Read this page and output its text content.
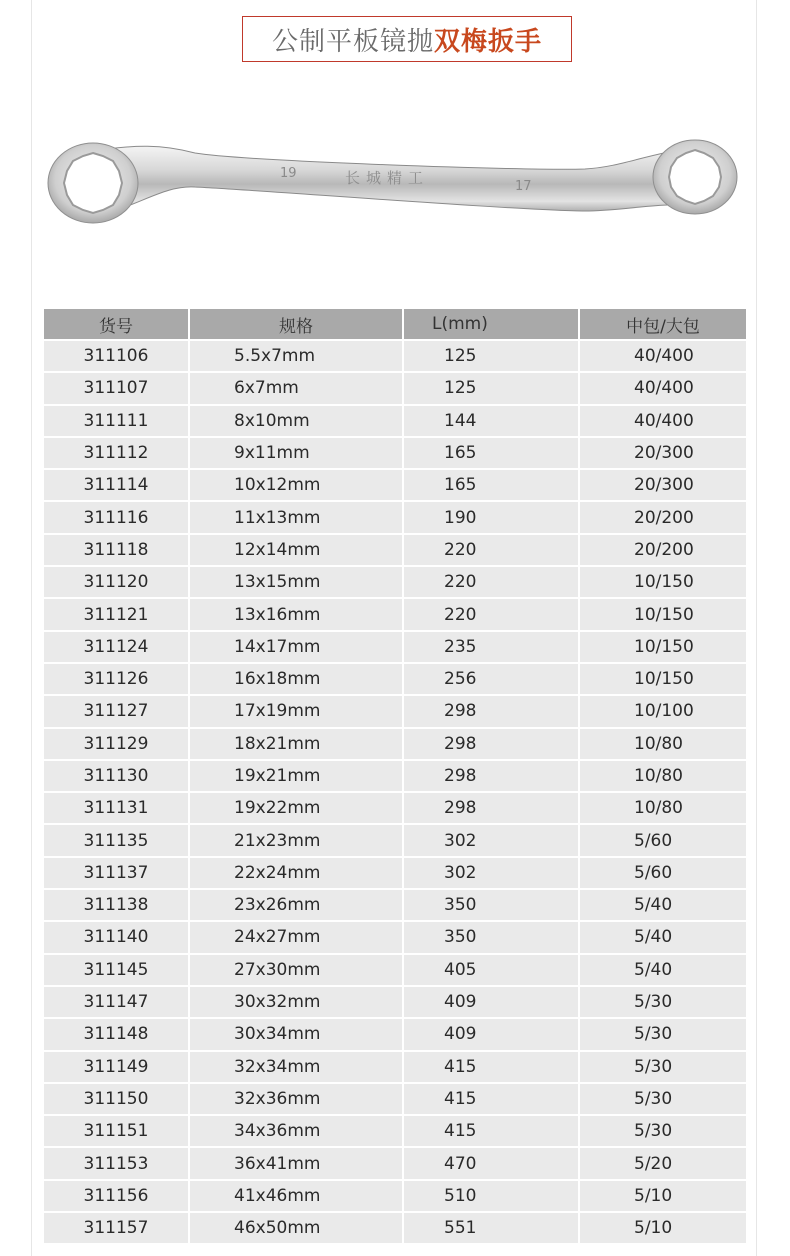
公制平板镜抛 双梅扳手
19
17
长城精工
货号	规格	L(mm)	中包/大包
311106	5.5x7mm	125	40/400
311107	6x7mm	125	40/400
311111	8x10mm	144	40/400
311112	9x11mm	165	20/300
311114	10x12mm	165	20/300
311116	11x13mm	190	20/200
311118	12x14mm	220	20/200
311120	13x15mm	220	10/150
311121	13x16mm	220	10/150
311124	14x17mm	235	10/150
311126	16x18mm	256	10/150
311127	17x19mm	298	10/100
311129	18x21mm	298	10/80
311130	19x21mm	298	10/80
311131	19x22mm	298	10/80
311135	21x23mm	302	5/60
311137	22x24mm	302	5/60
311138	23x26mm	350	5/40
311140	24x27mm	350	5/40
311145	27x30mm	405	5/40
311147	30x32mm	409	5/30
311148	30x34mm	409	5/30
311149	32x34mm	415	5/30
311150	32x36mm	415	5/30
311151	34x36mm	415	5/30
311153	36x41mm	470	5/20
311156	41x46mm	510	5/10
311157	46x50mm	551	5/10
